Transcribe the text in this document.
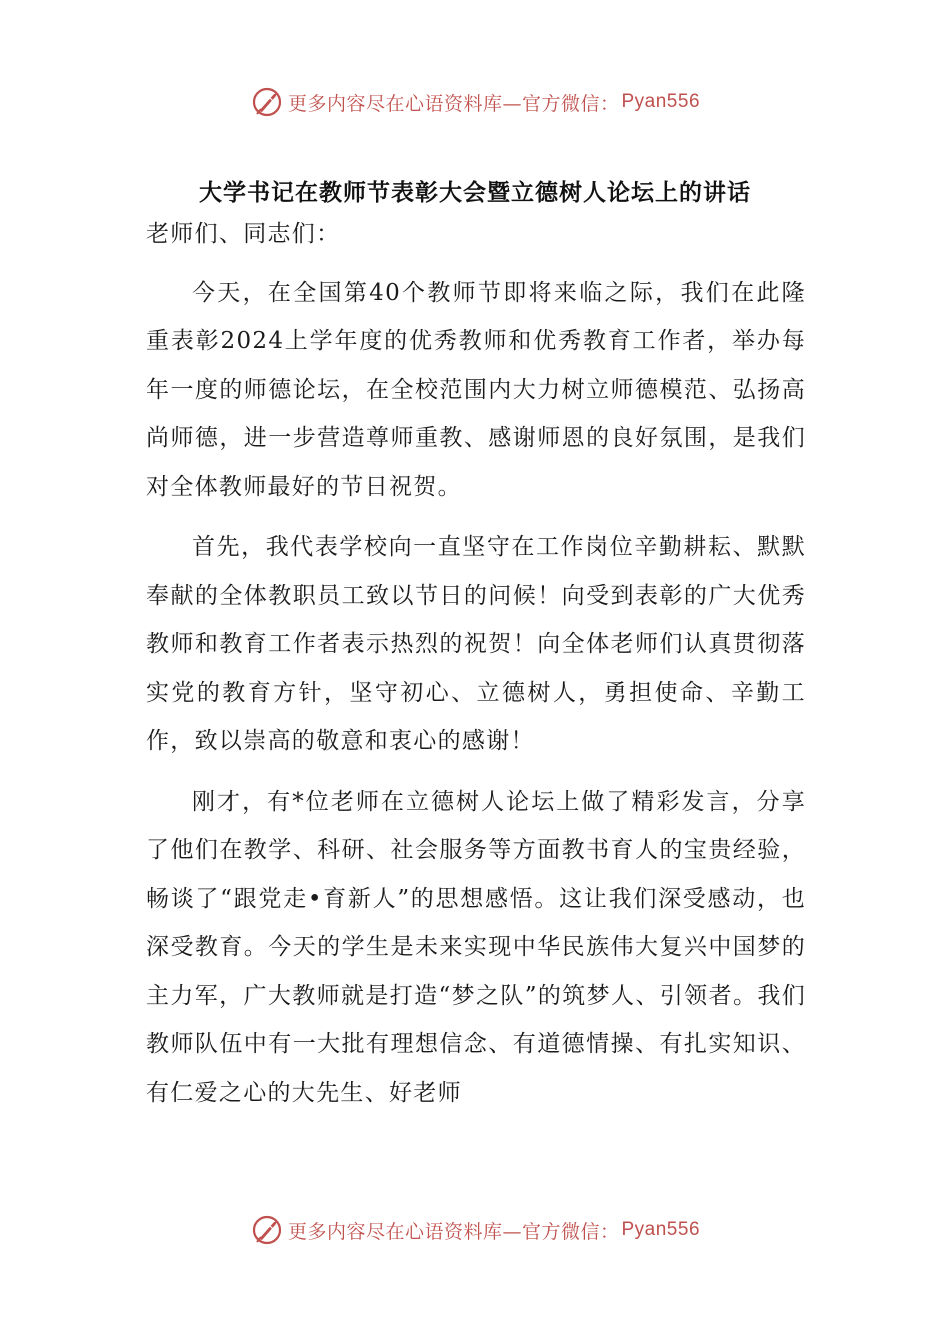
更多内容尽在心语资料库—官方微信： Pyan556
大学书记在教师节表彰大会暨立德树人论坛上的讲话

老师们、同志们：

今天，在全国第40个教师节即将来临之际，我们在此隆重表彰2024上学年度的优秀教师和优秀教育工作者，举办每年一度的师德论坛，在全校范围内大力树立师德模范、弘扬高尚师德，进一步营造尊师重教、感谢师恩的良好氛围，是我们对全体教师最好的节日祝贺。

首先，我代表学校向一直坚守在工作岗位辛勤耕耘、默默奉献的全体教职员工致以节日的问候！向受到表彰的广大优秀教师和教育工作者表示热烈的祝贺！向全体老师们认真贯彻落实党的教育方针，坚守初心、立德树人，勇担使命、辛勤工作，致以崇高的敬意和衷心的感谢！

刚才，有*位老师在立德树人论坛上做了精彩发言，分享了他们在教学、科研、社会服务等方面教书育人的宝贵经验，畅谈了“跟党走•育新人”的思想感悟。这让我们深受感动，也深受教育。今天的学生是未来实现中华民族伟大复兴中国梦的主力军，广大教师就是打造“梦之队”的筑梦人、引领者。我们教师队伍中有一大批有理想信念、有道德情操、有扎实知识、有仁爱之心的大先生、好老师

更多内容尽在心语资料库—官方微信： Pyan556
